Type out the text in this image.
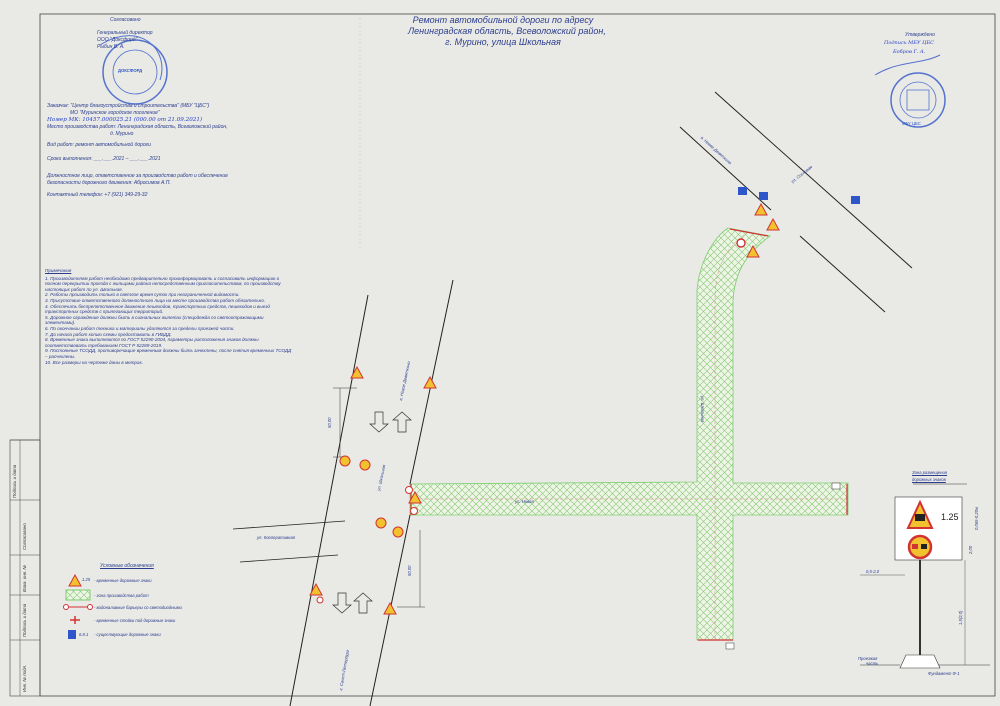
Ремонт автомобильной дороги по адресу
Ленинградская область, Всеволожский район,
г. Мурино, улица Школьная
Согласовано
Генеральный директор
ООО "Доксфорд"
Рыбин В. А.
ДОКСФОРД
Утверждено
Подпись МБУ ЦБС
Бобров Г. А.
МБУ ЦБС
Заказчик: "Центр благоустройства и строительства" (МБУ "ЦБС")
МО "Муринское городское поселение"
Номер МК: 10457.000025.21 (000.00 от 21.09.2021)
Место производства работ: Ленинградская область, Всеволожский район,
д. Мурино
Вид работ: ремонт автомобильной дороги
Сроки выполнения: ___.___.2021 – ___.___.2021
Должностное лицо, ответственное за производство работ и обеспечение
безопасности дорожного движения: Абросимов А.П.
Контактный телефон: +7 (921) 349-29-32
Примечания
1. Производителям работ необходимо предварительно проинформировать и согласовать информацию о полном перекрытии проезда с жильцами района непосредственным пригласительством, по производству настоящих работ по ул. Школьная.
2. Работы производить только в светлое время суток при неограниченной видимости.
3. Присутствие ответственного должностного лица на месте производства работ обязательно.
4. Обеспечить беспрепятственное движение пешеходов, транспортных средств, пешеходов и выезд транспортных средств с прилегающих территорий.
5. Дорожное ограждение должны быть в сигнальных жилетах (спецодежда со светоотражающими элементами).
6. По окончании работ техника и материалы удаляются за пределы проезжей части.
7. До начала работ копию схемы предоставить в ГИБДД.
8. Временные знаки выполняются по ГОСТ 52290-2004, параметры расположения знаков должны соответствовать требованиям ГОСТ Р 52289-2019.
9. Постоянные ТСОДД, противоречащие временным должны быть зачехлены, после снятия временных ТСОДД – расчехлены.
10. Все размеры на чертеже даны в метрах.
Условные обозначения
1.25 - временные дорожные знаки
- зона производства работ
- водоналивные барьеры со светодиодными
- временные стойки под дорожные знаки
6.8.1 - существующие дорожные знаки
а. Новое Девяткино
ул. Сосновая
ул. Школьная
ул. Новая
ул. Школьная
ул. Кооперативная
г. Санкт-Петербург
а. Новое Девяткино
50,00
50,00
Зона размещения
дорожных знаков
1.25	0,065-0,20м
2,00
1,5(2,0)
0,5-2,0
Проезжая
часть
Фундамент Ф-1
Подпись и дата
Согласовано
Взам. инв. №
Подпись и дата
Инв. № подл.
